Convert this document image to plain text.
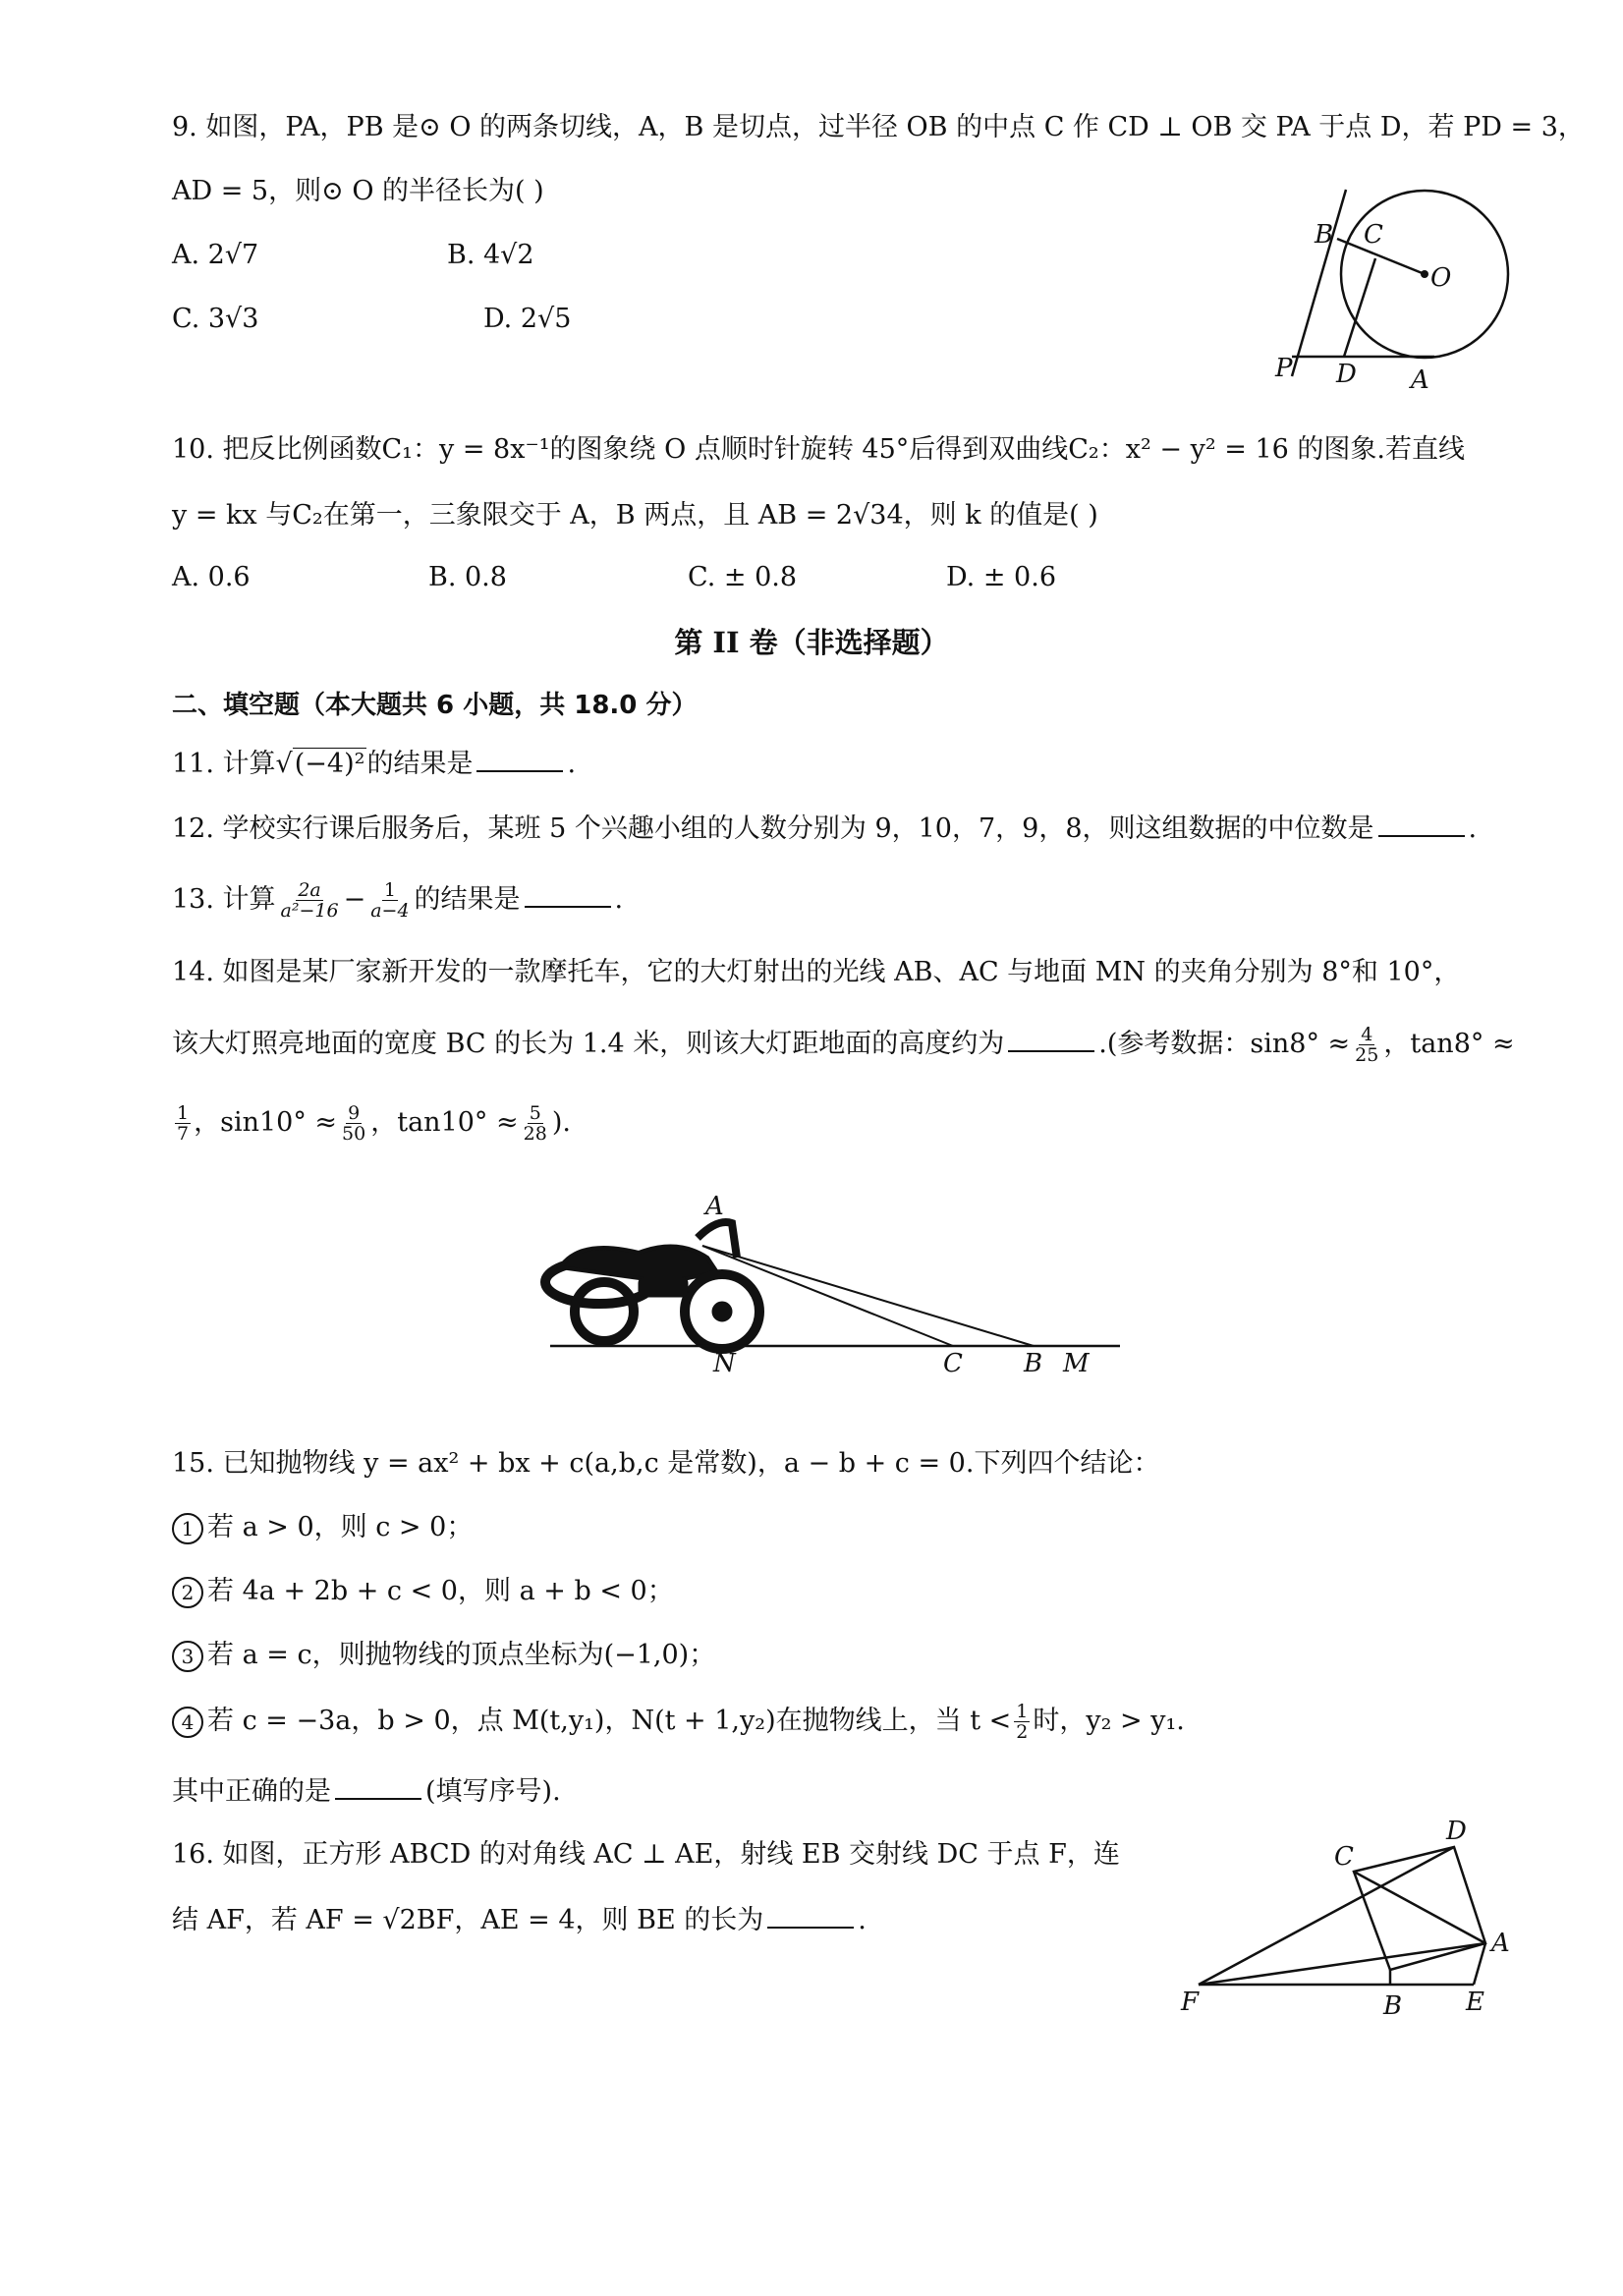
9. 如图，PA，PB 是⊙ O 的两条切线，A，B 是切点，过半径 OB 的中点 C 作 CD ⊥ OB 交 PA 于点 D，若 PD = 3，
AD = 5，则⊙ O 的半径长为( )
A. 2√7	B. 4√2
C. 3√3	D. 2√5
B C
O
P D A
10. 把反比例函数C₁：y = 8x⁻¹的图象绕 O 点顺时针旋转 45°后得到双曲线C₂：x² − y² = 16 的图象.若直线
y = kx 与C₂在第一，三象限交于 A，B 两点，且 AB = 2√34，则 k 的值是( )
A. 0.6	B. 0.8	C. ± 0.8	D. ± 0.6
第 II 卷（非选择题）
二、填空题（本大题共 6 小题，共 18.0 分）
11. 计算√(−4)²的结果是	.
12. 学校实行课后服务后，某班 5 个兴趣小组的人数分别为 9，10，7，9，8，则这组数据的中位数是	.
13. 计算 $\frac{2a}{\text{a²−16}} - \frac{1}{a-4}$ 的结果是	.
14. 如图是某厂家新开发的一款摩托车，它的大灯射出的光线 AB、AC 与地面 MN 的夹角分别为 8°和 10°，
该大灯照亮地面的宽度 BC 的长为 1.4 米，则该大灯距地面的高度约为	.(参考数据：$\sin 8^\circ \approx \frac{4}{25}$ ，tan8° ≈
$\frac{1}{7}$ ，$\sin 10^\circ \approx \frac{9}{50}$ ，$\tan 10^\circ \approx \frac{5}{28}$ ).
A
N	C B M
15. 已知抛物线 y = ax² + bx + c(a,b,c 是常数)，a − b + c = 0.下列四个结论：
1 若 a > 0，则 c > 0；
2 若 4a + 2b + c < 0，则 a + b < 0；
3 若 a = c，则抛物线的顶点坐标为(−1,0)；
4 若 c = −3a，b > 0，点 M(t,y₁)，N(t + 1,y₂)在抛物线上，当 $t < \frac{1}{2}$ 时，y₂ > y₁.
其中正确的是	(填写序号).
16. 如图，正方形 ABCD 的对角线 AC ⊥ AE，射线 EB 交射线 DC 于点 F，连
结 AF，若 AF = √2BF，AE = 4，则 BE 的长为	.
D
C
A
F	B E
